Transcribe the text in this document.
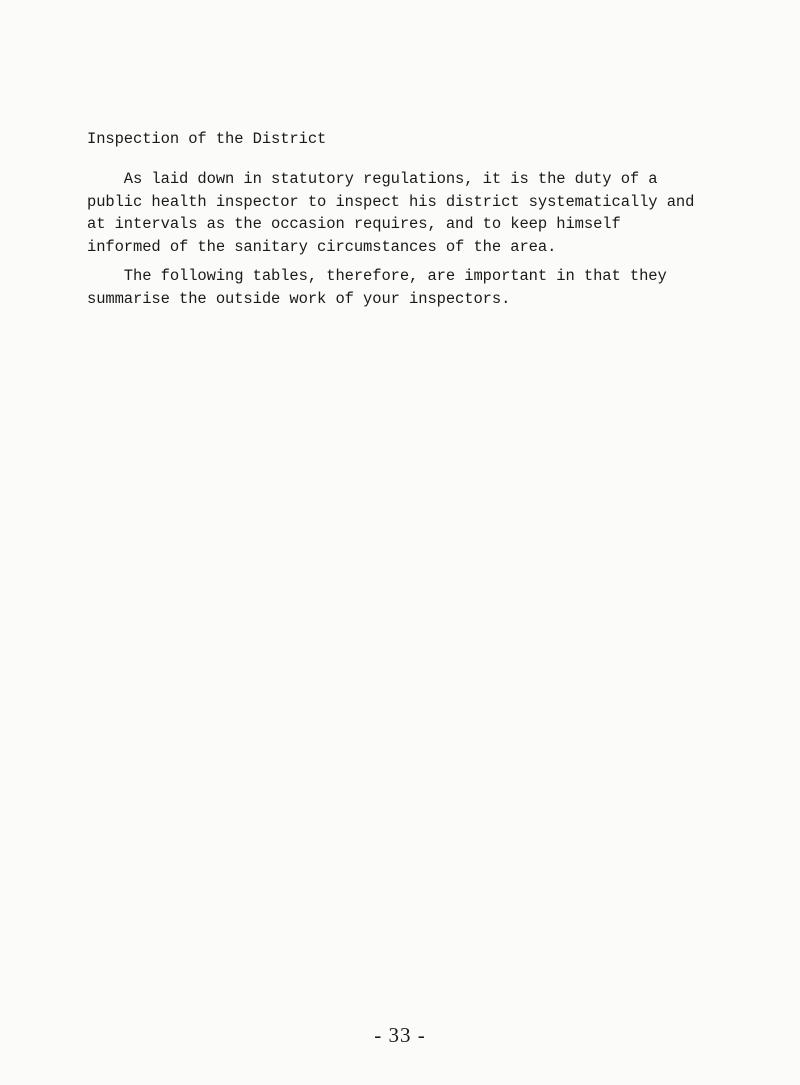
Inspection of the District
As laid down in statutory regulations, it is the duty of a
public health inspector to inspect his district systematically and
at intervals as the occasion requires, and to keep himself
informed of the sanitary circumstances of the area.
The following tables, therefore, are important in that they
summarise the outside work of your inspectors.
- 33 -
